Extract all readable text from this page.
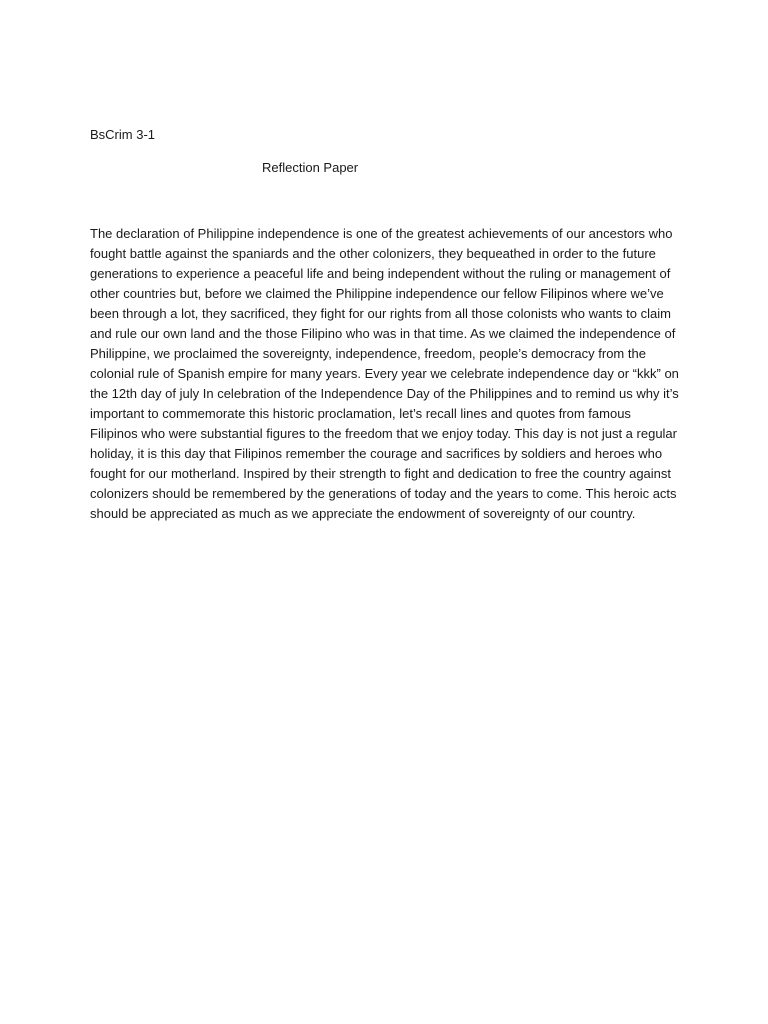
BsCrim 3-1
Reflection Paper
The declaration of Philippine independence is one of the greatest achievements of our ancestors who
fought battle against the spaniards and the other colonizers, they bequeathed in order to the future
generations to experience a peaceful life and being independent without the ruling or management of
other countries but, before we claimed the Philippine independence our fellow Filipinos where we’ve
been through a lot, they sacrificed, they fight for our rights from all those colonists who wants to claim
and rule our own land and the those Filipino who was in that time. As we claimed the independence of
Philippine, we proclaimed the sovereignty, independence, freedom, people’s democracy from the
colonial rule of Spanish empire for many years. Every year we celebrate independence day or “kkk” on
the 12th day of july In celebration of the Independence Day of the Philippines and to remind us why it’s
important to commemorate this historic proclamation, let’s recall lines and quotes from famous
Filipinos who were substantial figures to the freedom that we enjoy today. This day is not just a regular
holiday, it is this day that Filipinos remember the courage and sacrifices by soldiers and heroes who
fought for our motherland. Inspired by their strength to fight and dedication to free the country against
colonizers should be remembered by the generations of today and the years to come. This heroic acts
should be appreciated as much as we appreciate the endowment of sovereignty of our country.
